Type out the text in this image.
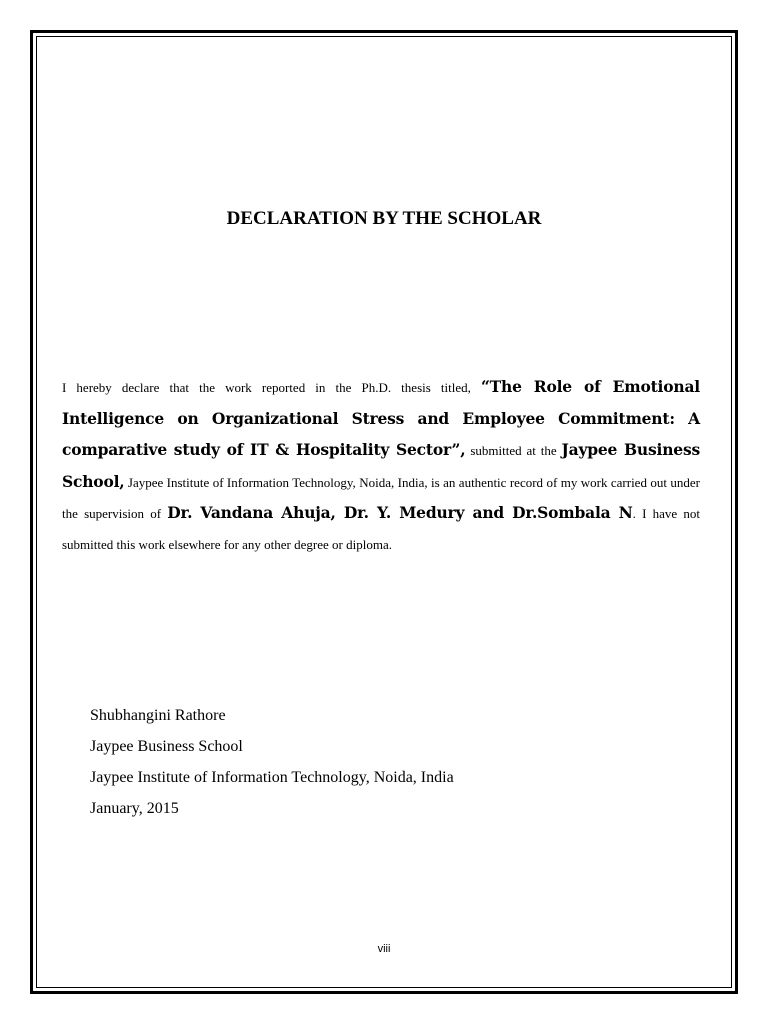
DECLARATION BY THE SCHOLAR

I hereby declare that the work reported in the Ph.D. thesis titled, “The Role of Emotional Intelligence on Organizational Stress and Employee Commitment: A comparative study of IT & Hospitality Sector”, submitted at the Jaypee Business School, Jaypee Institute of Information Technology, Noida, India, is an authentic record of my work carried out under the supervision of Dr. Vandana Ahuja, Dr. Y. Medury and Dr.Sombala N. I have not submitted this work elsewhere for any other degree or diploma.

Shubhangini Rathore
Jaypee Business School
Jaypee Institute of Information Technology, Noida, India
January, 2015
viii
